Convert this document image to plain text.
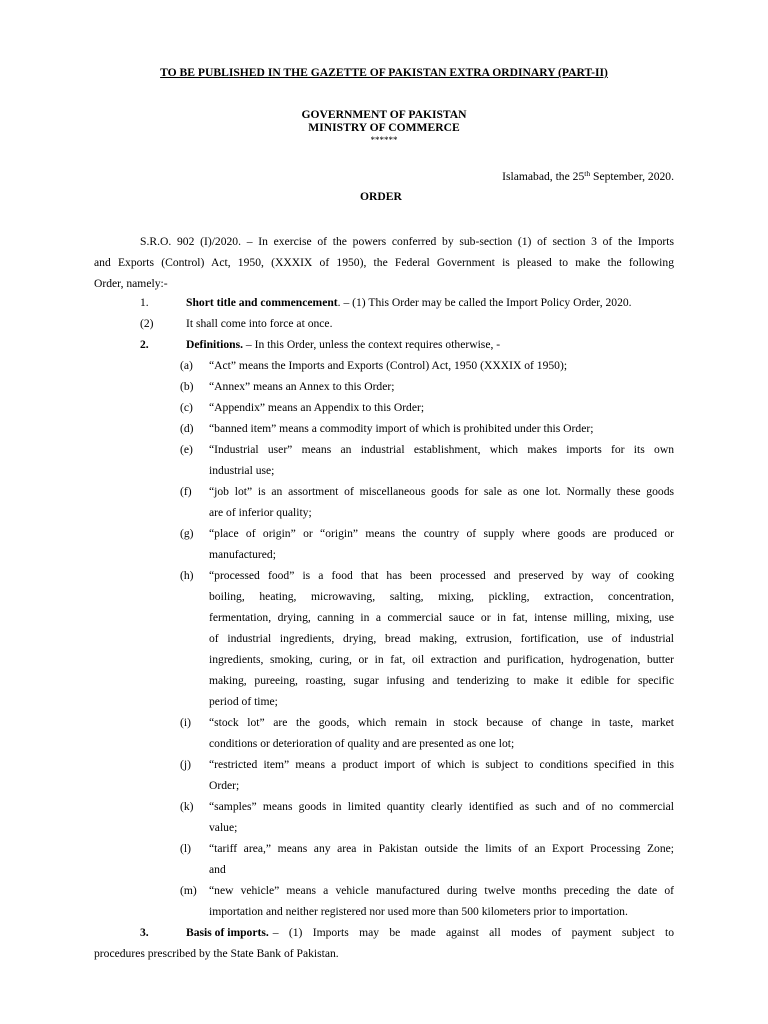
TO BE PUBLISHED IN THE GAZETTE OF PAKISTAN EXTRA ORDINARY (PART-II)
GOVERNMENT OF PAKISTAN
MINISTRY OF COMMERCE
******
Islamabad, the 25th September, 2020.
ORDER
S.R.O. 902 (I)/2020. – In exercise of the powers conferred by sub-section (1) of section 3 of the Imports
and Exports (Control) Act, 1950, (XXXIX of 1950), the Federal Government is pleased to make the following
Order, namely:-
1.	Short title and commencement. – (1) This Order may be called the Import Policy Order, 2020.
(2)	It shall come into force at once.
2.	Definitions. – In this Order, unless the context requires otherwise, -
(a) “Act” means the Imports and Exports (Control) Act, 1950 (XXXIX of 1950);
(b) “Annex” means an Annex to this Order;
(c) “Appendix” means an Appendix to this Order;
(d) “banned item” means a commodity import of which is prohibited under this Order;
(e) “Industrial user” means an industrial establishment, which makes imports for its own
industrial use;
(f) “job lot” is an assortment of miscellaneous goods for sale as one lot. Normally these goods
are of inferior quality;
(g) “place of origin” or “origin” means the country of supply where goods are produced or
manufactured;
(h) “processed food” is a food that has been processed and preserved by way of cooking
boiling, heating, microwaving, salting, mixing, pickling, extraction, concentration,
fermentation, drying, canning in a commercial sauce or in fat, intense milling, mixing, use
of industrial ingredients, drying, bread making, extrusion, fortification, use of industrial
ingredients, smoking, curing, or in fat, oil extraction and purification, hydrogenation, butter
making, pureeing, roasting, sugar infusing and tenderizing to make it edible for specific
period of time;
(i) “stock lot” are the goods, which remain in stock because of change in taste, market
conditions or deterioration of quality and are presented as one lot;
(j) “restricted item” means a product import of which is subject to conditions specified in this
Order;
(k) “samples” means goods in limited quantity clearly identified as such and of no commercial
value;
(l) “tariff area,” means any area in Pakistan outside the limits of an Export Processing Zone;
and
(m) “new vehicle” means a vehicle manufactured during twelve months preceding the date of
importation and neither registered nor used more than 500 kilometers prior to importation.
3.	Basis of imports. – (1) Imports may be made against all modes of payment subject to
procedures prescribed by the State Bank of Pakistan.
